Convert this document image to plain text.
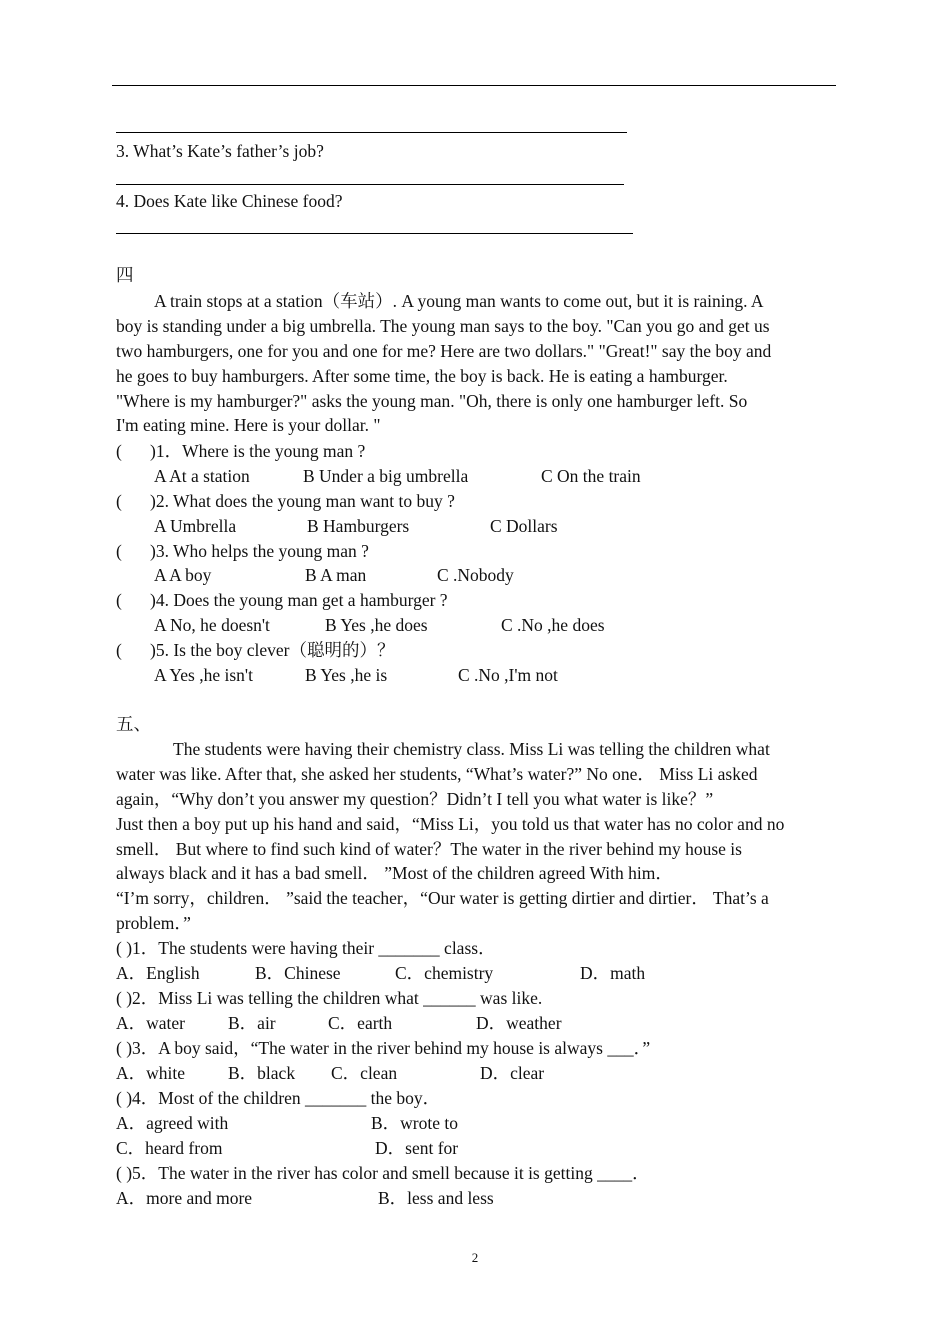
3. What’s Kate’s father’s job?
4. Does Kate like Chinese food?
四
A train stops at a station（车站）. A young man wants to come out, but it is raining. A
boy is standing under a big umbrella. The young man says to the boy. "Can you go and get us
two hamburgers, one for you and one for me? Here are two dollars." "Great!" say the boy and
he goes to buy hamburgers. After some time, the boy is back. He is eating a hamburger.
"Where is my hamburger?" asks the young man. "Oh, there is only one hamburger left. So
I'm eating mine. Here is your dollar. "
( )1．Where is the young man ?
A At a station	B Under a big umbrella	C On the train
( )2. What does the young man want to buy ?
A Umbrella	B Hamburgers	C Dollars
( )3. Who helps the young man ?
A A boy	B A man	C .Nobody
( )4. Does the young man get a hamburger ?
A No, he doesn't	B Yes ,he does	C .No ,he does
( )5. Is the boy clever（聪明的）？
A Yes ,he isn't	B Yes ,he is	C .No ,I'm not
五、
The students were having their chemistry class. Miss Li was telling the children what
water was like. After that, she asked her students, “What’s water?” No one． Miss Li asked
again，“Why don’t you answer my question？Didn’t I tell you what water is like？”
Just then a boy put up his hand and said，“Miss Li，you told us that water has no color and no
smell． But where to find such kind of water？The water in the river behind my house is
always black and it has a bad smell． ”Most of the children agreed With him．
“I’m sorry，children． ”said the teacher，“Our water is getting dirtier and dirtier． That’s a
problem．”
( )1．The students were having their _______ class．
A．English	B．Chinese	C．chemistry	D．math
( )2．Miss Li was telling the children what ______ was like.
A．water B．air	C．earth	D．weather
( )3．A boy said，“The water in the river behind my house is always ___．”
A．white B．black C．clean	D．clear
( )4．Most of the children _______ the boy．
A．agreed with	B．wrote to
C．heard from	D．sent for
( )5．The water in the river has color and smell because it is getting ____．
A．more and more	B．less and less
2
